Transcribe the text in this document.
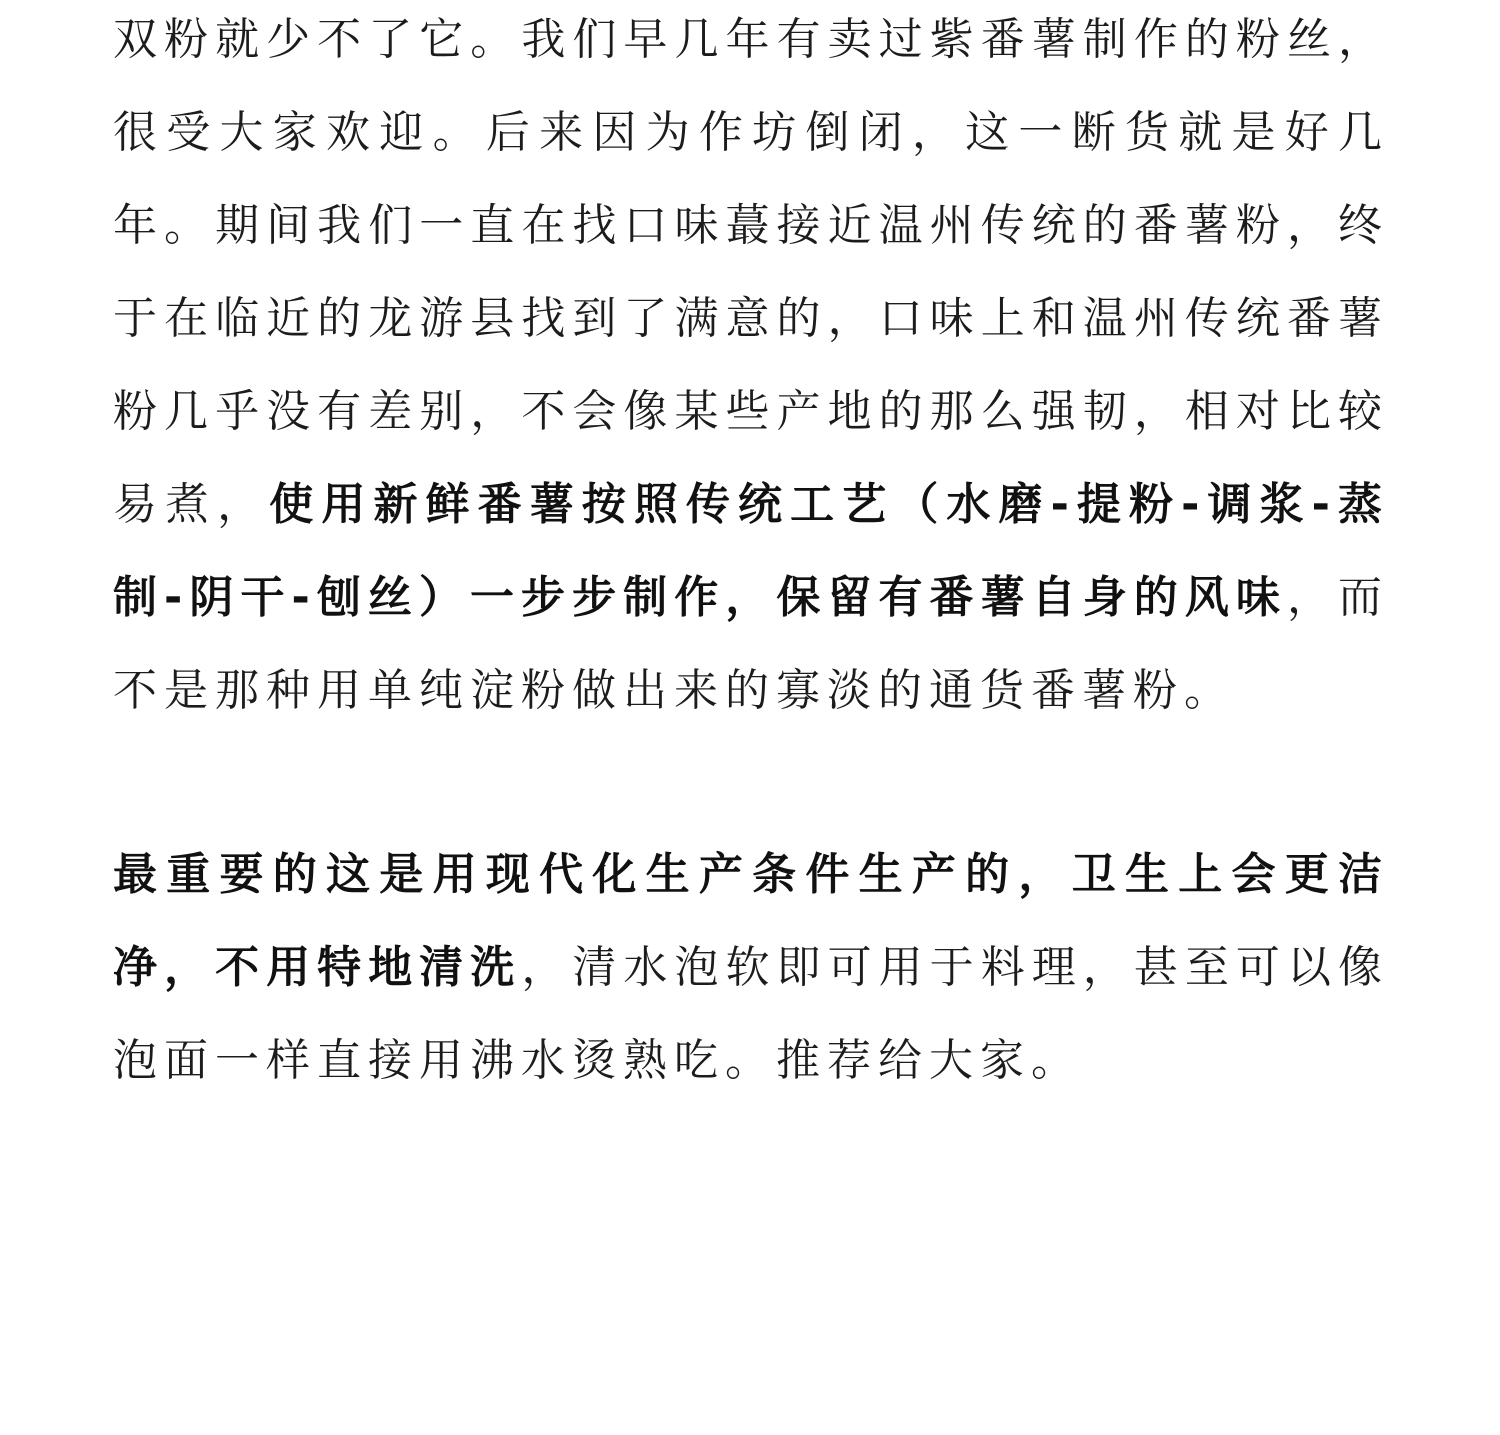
双粉就少不了它。我们早几年有卖过紫番薯制作的粉丝，很受大家欢迎。后来因为作坊倒闭，这一断货就是好几年。期间我们一直在找口味蕞接近温州传统的番薯粉，终于在临近的龙游县找到了满意的，口味上和温州传统番薯粉几乎没有差别，不会像某些产地的那么强韧，相对比较易煮，使用新鲜番薯按照传统工艺（水磨-提粉-调浆-蒸制-阴干-刨丝）一步步制作，保留有番薯自身的风味，而不是那种用单纯淀粉做出来的寡淡的通货番薯粉。

最重要的这是用现代化生产条件生产的，卫生上会更洁净，不用特地清洗，清水泡软即可用于料理，甚至可以像泡面一样直接用沸水烫熟吃。推荐给大家。
